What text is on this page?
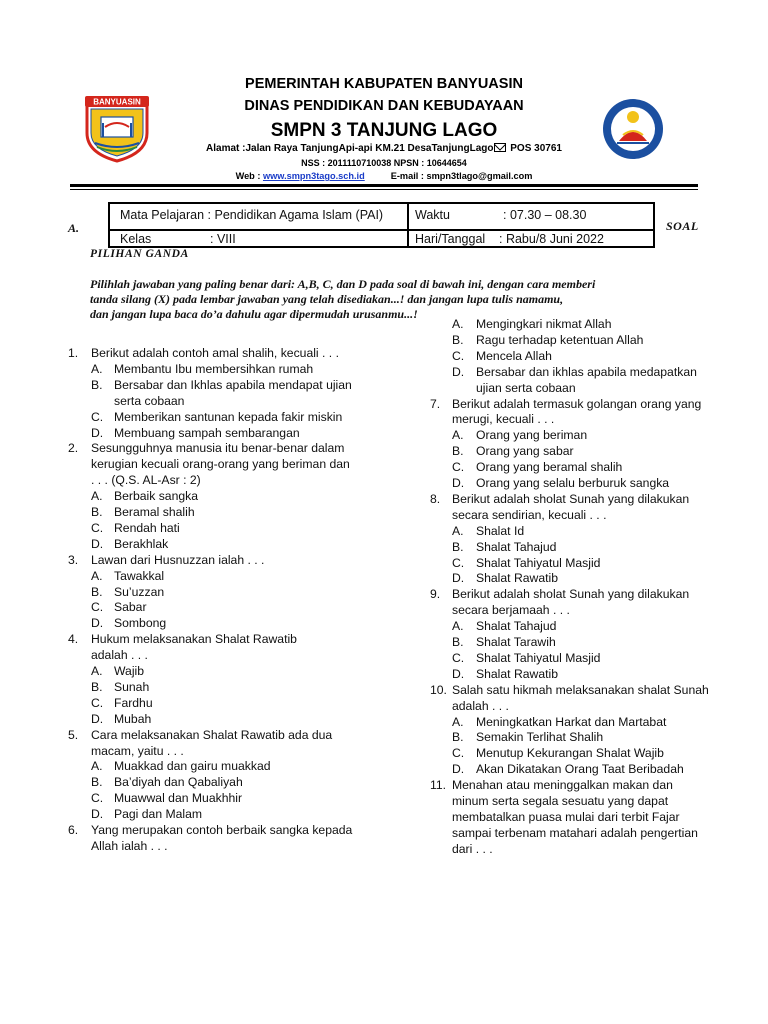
BANYUASIN
PEMERINTAH KABUPATEN BANYUASIN
DINAS PENDIDIKAN DAN KEBUDAYAAN
SMPN 3 TANJUNG LAGO
Alamat :Jalan Raya TanjungApi-api KM.21 DesaTanjungLago POS 30761
NSS : 2011110710038 NPSN : 10644654
Web : www.smpn3tago.sch.id	E-mail : smpn3tlago@gmail.com
Mata Pelajaran : Pendidikan Agama Islam (PAI)	Waktu	: 07.30 – 08.30
Kelas	: VIII	Hari/Tanggal : Rabu/8 Juni 2022
A.	SOAL
PILIHAN GANDA
Pilihlah jawaban yang paling benar dari: A,B, C, dan D pada soal di bawah ini, dengan cara memberi
tanda silang (X) pada lembar jawaban yang telah disediakan...! dan jangan lupa tulis namamu,
dan jangan lupa baca do’a dahulu agar dipermudah urusanmu...!
1. Berikut adalah contoh amal shalih, kecuali . . .
A. Membantu Ibu membersihkan rumah
B. Bersabar dan Ikhlas apabila mendapat ujian
serta cobaan
C. Memberikan santunan kepada fakir miskin
D. Membuang sampah sembarangan
2. Sesungguhnya manusia itu benar-benar dalam
kerugian kecuali orang-orang yang beriman dan
. . . (Q.S. AL-Asr : 2)
A. Berbaik sangka
B. Beramal shalih
C. Rendah hati
D. Berakhlak
3. Lawan dari Husnuzzan ialah . . .
A. Tawakkal
B. Su’uzzan
C. Sabar
D. Sombong
4. Hukum melaksanakan Shalat Rawatib
adalah . . .
A. Wajib
B. Sunah
C. Fardhu
D. Mubah
5. Cara melaksanakan Shalat Rawatib ada dua
macam, yaitu . . .
A. Muakkad dan gairu muakkad
B. Ba’diyah dan Qabaliyah
C. Muawwal dan Muakhhir
D. Pagi dan Malam
6. Yang merupakan contoh berbaik sangka kepada
Allah ialah . . .
A. Mengingkari nikmat Allah
B. Ragu terhadap ketentuan Allah
C. Mencela Allah
D. Bersabar dan ikhlas apabila medapatkan
ujian serta cobaan
7. Berikut adalah termasuk golangan orang yang
merugi, kecuali . . .
A. Orang yang beriman
B. Orang yang sabar
C. Orang yang beramal shalih
D. Orang yang selalu berburuk sangka
8. Berikut adalah sholat Sunah yang dilakukan
secara sendirian, kecuali . . .
A. Shalat Id
B. Shalat Tahajud
C. Shalat Tahiyatul Masjid
D. Shalat Rawatib
9. Berikut adalah sholat Sunah yang dilakukan
secara berjamaah . . .
A. Shalat Tahajud
B. Shalat Tarawih
C. Shalat Tahiyatul Masjid
D. Shalat Rawatib
10. Salah satu hikmah melaksanakan shalat Sunah
adalah . . .
A. Meningkatkan Harkat dan Martabat
B. Semakin Terlihat Shalih
C. Menutup Kekurangan Shalat Wajib
D. Akan Dikatakan Orang Taat Beribadah
11. Menahan atau meninggalkan makan dan
minum serta segala sesuatu yang dapat
membatalkan puasa mulai dari terbit Fajar
sampai terbenam matahari adalah pengertian
dari . . .
